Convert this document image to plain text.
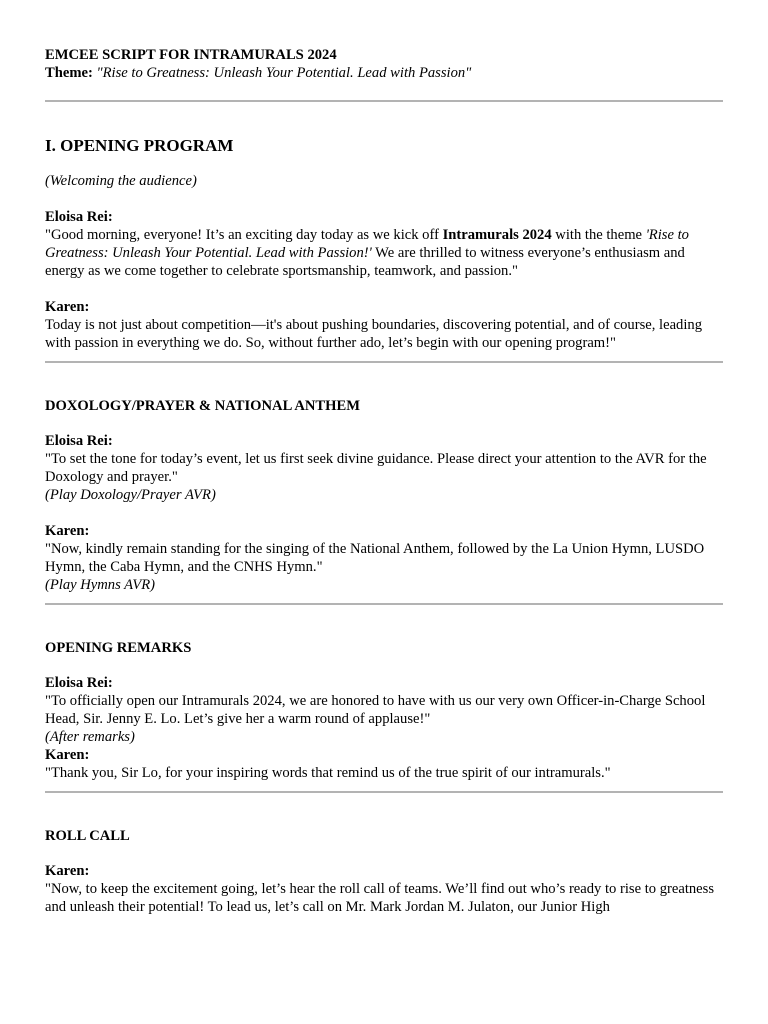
EMCEE SCRIPT FOR INTRAMURALS 2024

Theme: "Rise to Greatness: Unleash Your Potential. Lead with Passion"

I. OPENING PROGRAM

(Welcoming the audience)

Eloisa Rei:

"Good morning, everyone! It’s an exciting day today as we kick off Intramurals 2024 with the theme 'Rise to Greatness: Unleash Your Potential. Lead with Passion!' We are thrilled to witness everyone’s enthusiasm and energy as we come together to celebrate sportsmanship, teamwork, and passion."

Karen:

Today is not just about competition—it's about pushing boundaries, discovering potential, and of course, leading with passion in everything we do. So, without further ado, let’s begin with our opening program!"

DOXOLOGY/PRAYER & NATIONAL ANTHEM

Eloisa Rei:

"To set the tone for today’s event, let us first seek divine guidance. Please direct your attention to the AVR for the Doxology and prayer."

(Play Doxology/Prayer AVR)

Karen:

"Now, kindly remain standing for the singing of the National Anthem, followed by the La Union Hymn, LUSDO Hymn, the Caba Hymn, and the CNHS Hymn."

(Play Hymns AVR)

OPENING REMARKS

Eloisa Rei:

"To officially open our Intramurals 2024, we are honored to have with us our very own Officer-in-Charge School Head, Sir. Jenny E. Lo. Let’s give her a warm round of applause!"

(After remarks)

Karen:

"Thank you, Sir Lo, for your inspiring words that remind us of the true spirit of our intramurals."

ROLL CALL

Karen:

"Now, to keep the excitement going, let’s hear the roll call of teams. We’ll find out who’s ready to rise to greatness and unleash their potential! To lead us, let’s call on Mr. Mark Jordan M. Julaton, our Junior High
